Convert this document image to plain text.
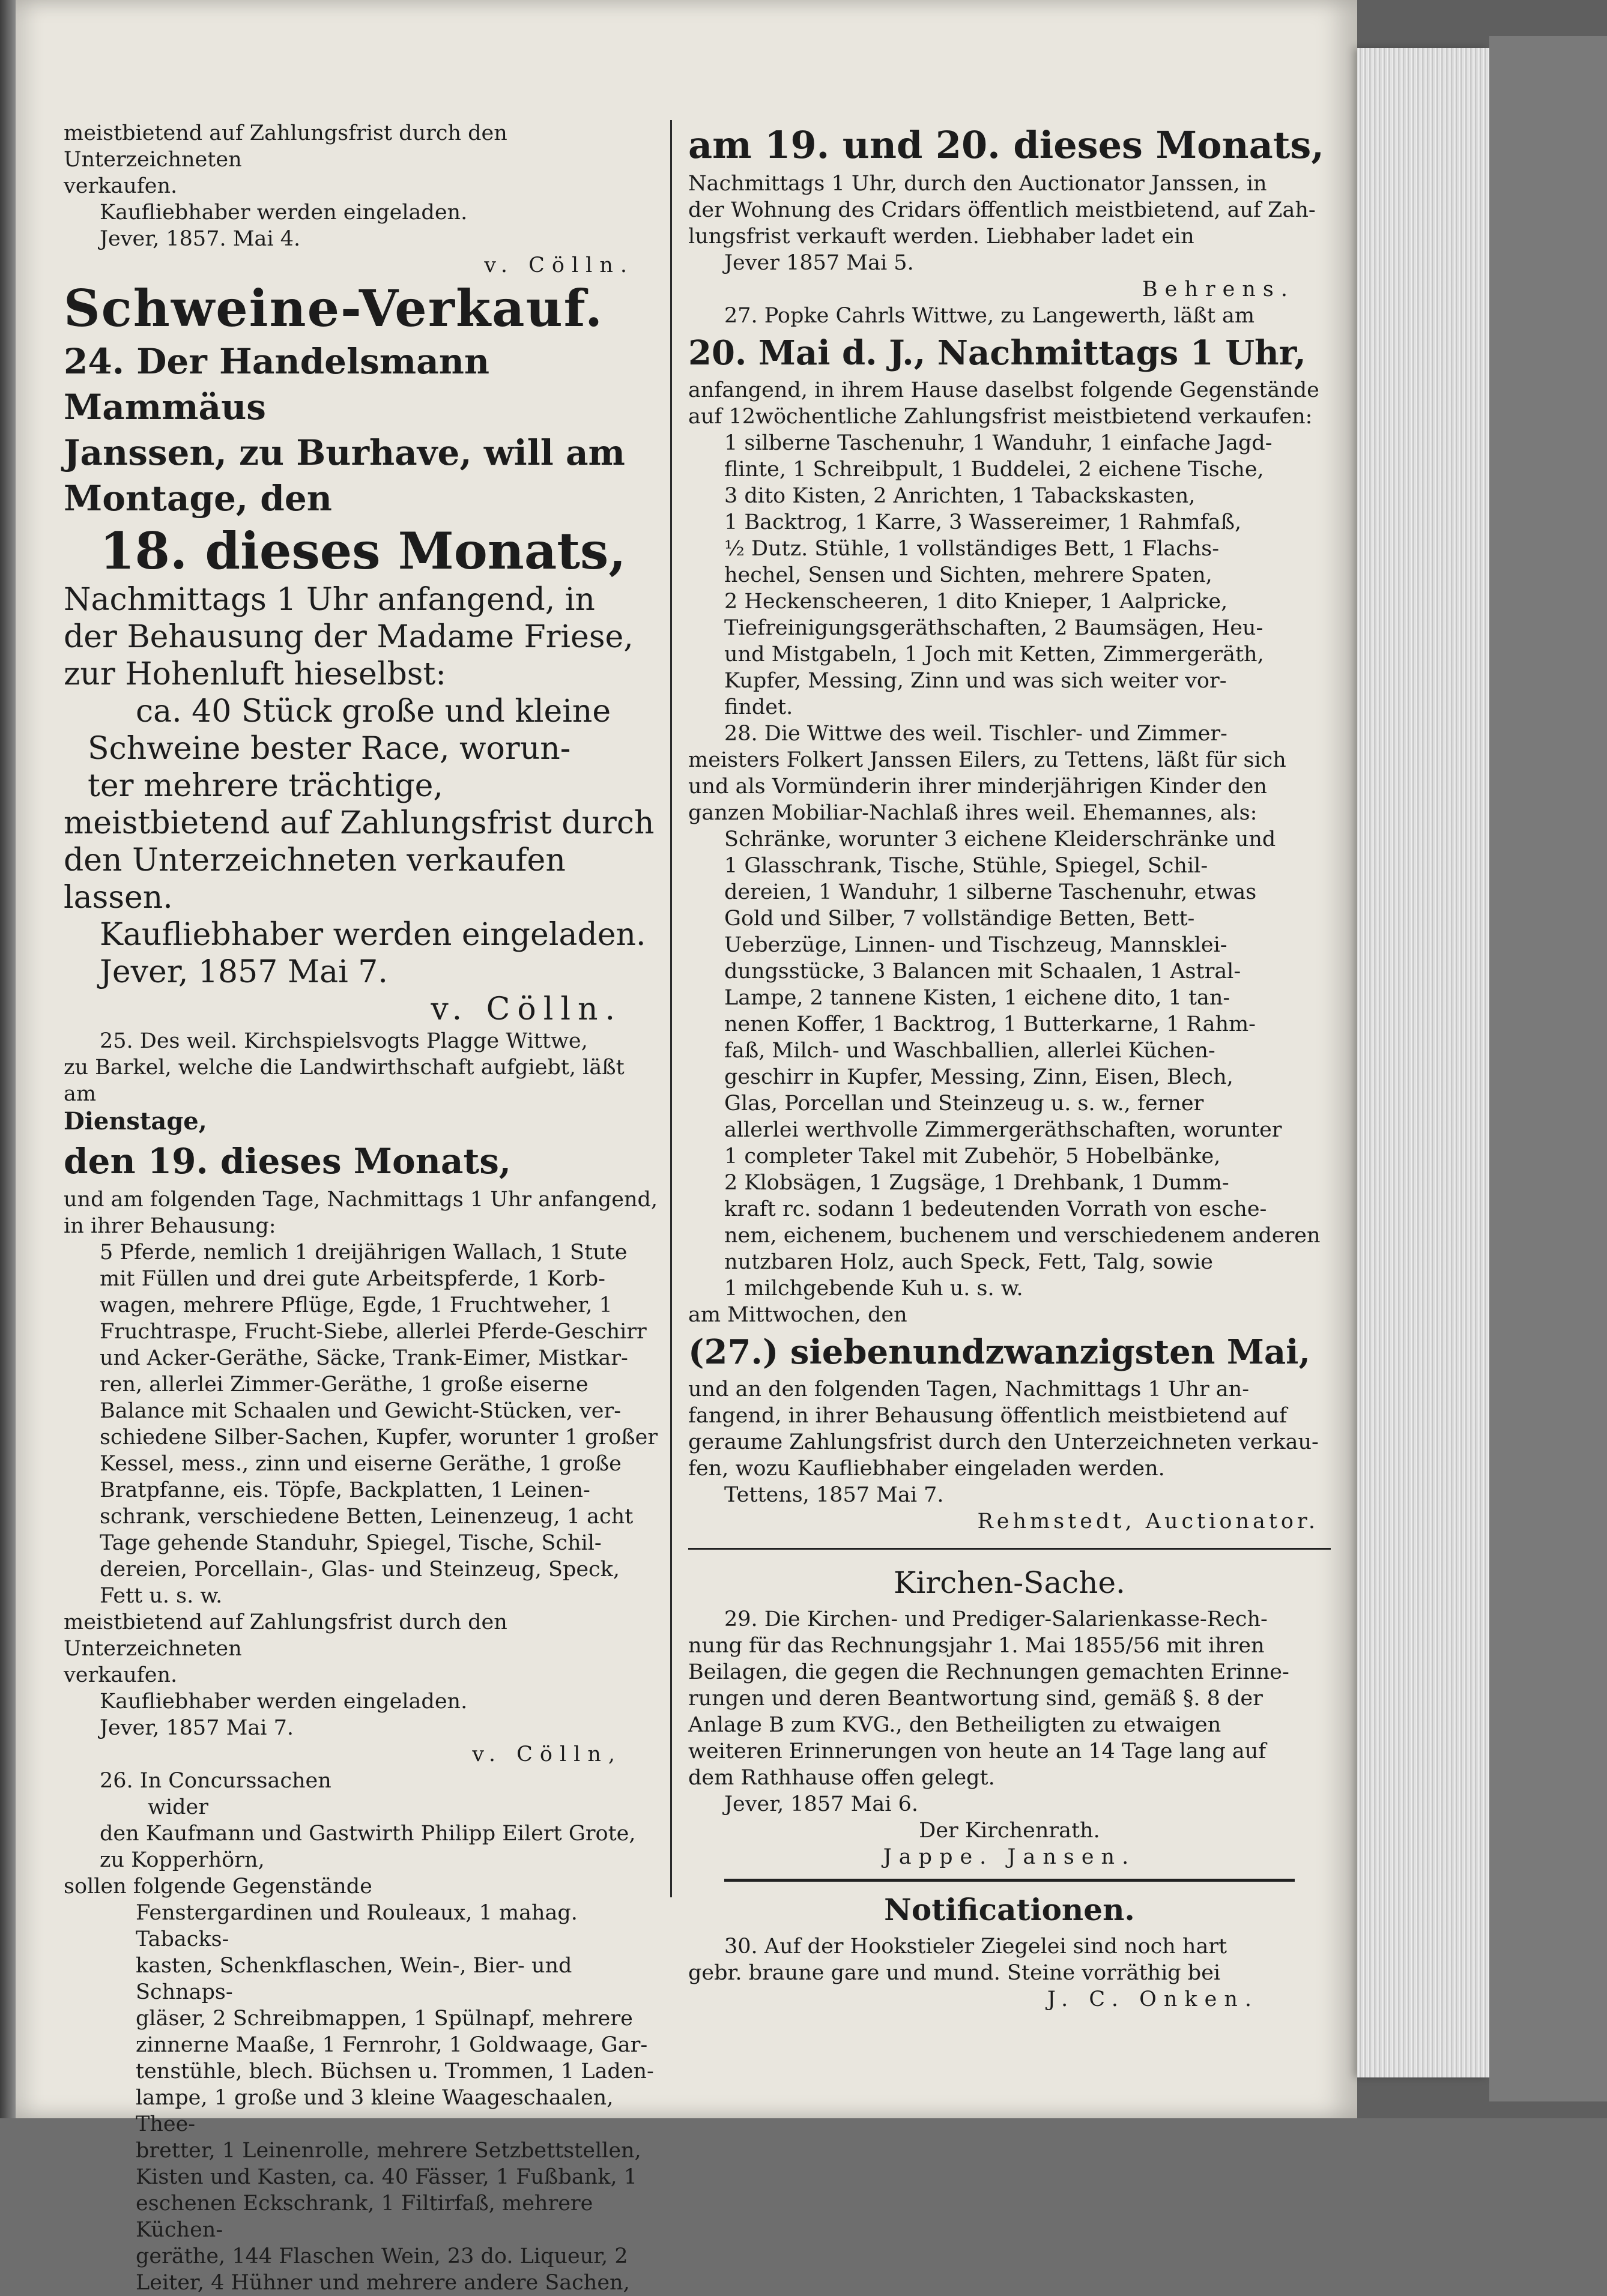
meistbietend auf Zahlungsfrist durch den Unterzeichneten

verkaufen.

Kaufliebhaber werden eingeladen.

Jever, 1857. Mai 4.

v. Cölln.

Schweine-Verkauf.

24. Der Handelsmann Mammäus

Janssen, zu Burhave, will am

Montage, den

18. dieses Monats,

Nachmittags 1 Uhr anfangend, in

der Behausung der Madame Friese,

zur Hohenluft hieselbst:

ca. 40 Stück große und kleine

Schweine bester Race, worun-

ter mehrere trächtige,

meistbietend auf Zahlungsfrist durch

den Unterzeichneten verkaufen lassen.

Kaufliebhaber werden eingeladen.

Jever, 1857 Mai 7.

v. Cölln.

25. Des weil. Kirchspielsvogts Plagge Wittwe,

zu Barkel, welche die Landwirthschaft aufgiebt, läßt am

Dienstage,

den 19. dieses Monats,

und am folgenden Tage, Nachmittags 1 Uhr anfangend,

in ihrer Behausung:

5 Pferde, nemlich 1 dreijährigen Wallach, 1 Stute

mit Füllen und drei gute Arbeitspferde, 1 Korb-

wagen, mehrere Pflüge, Egde, 1 Fruchtweher, 1

Fruchtraspe, Frucht-Siebe, allerlei Pferde-Geschirr

und Acker-Geräthe, Säcke, Trank-Eimer, Mistkar-

ren, allerlei Zimmer-Geräthe, 1 große eiserne

Balance mit Schaalen und Gewicht-Stücken, ver-

schiedene Silber-Sachen, Kupfer, worunter 1 großer

Kessel, mess., zinn und eiserne Geräthe, 1 große

Bratpfanne, eis. Töpfe, Backplatten, 1 Leinen-

schrank, verschiedene Betten, Leinenzeug, 1 acht

Tage gehende Standuhr, Spiegel, Tische, Schil-

dereien, Porcellain-, Glas- und Steinzeug, Speck,

Fett u. s. w.

meistbietend auf Zahlungsfrist durch den Unterzeichneten

verkaufen.

Kaufliebhaber werden eingeladen.

Jever, 1857 Mai 7.

v. Cölln,

26. In Concurssachen

wider

den Kaufmann und Gastwirth Philipp Eilert Grote,

zu Kopperhörn,

sollen folgende Gegenstände

Fenstergardinen und Rouleaux, 1 mahag. Tabacks-

kasten, Schenkflaschen, Wein-, Bier- und Schnaps-

gläser, 2 Schreibmappen, 1 Spülnapf, mehrere

zinnerne Maaße, 1 Fernrohr, 1 Goldwaage, Gar-

tenstühle, blech. Büchsen u. Trommen, 1 Laden-

lampe, 1 große und 3 kleine Waageschaalen, Thee-

bretter, 1 Leinenrolle, mehrere Setzbettstellen,

Kisten und Kasten, ca. 40 Fässer, 1 Fußbank, 1

eschenen Eckschrank, 1 Filtirfaß, mehrere Küchen-

geräthe, 144 Flaschen Wein, 23 do. Liqueur, 2

Leiter, 4 Hühner und mehrere andere Sachen,

am 19. und 20. dieses Monats,

Nachmittags 1 Uhr, durch den Auctionator Janssen, in

der Wohnung des Cridars öffentlich meistbietend, auf Zah-

lungsfrist verkauft werden. Liebhaber ladet ein

Jever 1857 Mai 5.

Behrens.

27. Popke Cahrls Wittwe, zu Langewerth, läßt am

20. Mai d. J., Nachmittags 1 Uhr,

anfangend, in ihrem Hause daselbst folgende Gegenstände

auf 12wöchentliche Zahlungsfrist meistbietend verkaufen:

1 silberne Taschenuhr, 1 Wanduhr, 1 einfache Jagd-

flinte, 1 Schreibpult, 1 Buddelei, 2 eichene Tische,

3 dito Kisten, 2 Anrichten, 1 Tabackskasten,

1 Backtrog, 1 Karre, 3 Wassereimer, 1 Rahmfaß,

½ Dutz. Stühle, 1 vollständiges Bett, 1 Flachs-

hechel, Sensen und Sichten, mehrere Spaten,

2 Heckenscheeren, 1 dito Knieper, 1 Aalpricke,

Tiefreinigungsgeräthschaften, 2 Baumsägen, Heu-

und Mistgabeln, 1 Joch mit Ketten, Zimmergeräth,

Kupfer, Messing, Zinn und was sich weiter vor-

findet.

28. Die Wittwe des weil. Tischler- und Zimmer-

meisters Folkert Janssen Eilers, zu Tettens, läßt für sich

und als Vormünderin ihrer minderjährigen Kinder den

ganzen Mobiliar-Nachlaß ihres weil. Ehemannes, als:

Schränke, worunter 3 eichene Kleiderschränke und

1 Glasschrank, Tische, Stühle, Spiegel, Schil-

dereien, 1 Wanduhr, 1 silberne Taschenuhr, etwas

Gold und Silber, 7 vollständige Betten, Bett-

Ueberzüge, Linnen- und Tischzeug, Mannsklei-

dungsstücke, 3 Balancen mit Schaalen, 1 Astral-

Lampe, 2 tannene Kisten, 1 eichene dito, 1 tan-

nenen Koffer, 1 Backtrog, 1 Butterkarne, 1 Rahm-

faß, Milch- und Waschballien, allerlei Küchen-

geschirr in Kupfer, Messing, Zinn, Eisen, Blech,

Glas, Porcellan und Steinzeug u. s. w., ferner

allerlei werthvolle Zimmergeräthschaften, worunter

1 completer Takel mit Zubehör, 5 Hobelbänke,

2 Klobsägen, 1 Zugsäge, 1 Drehbank, 1 Dumm-

kraft rc. sodann 1 bedeutenden Vorrath von esche-

nem, eichenem, buchenem und verschiedenem anderen

nutzbaren Holz, auch Speck, Fett, Talg, sowie

1 milchgebende Kuh u. s. w.

am Mittwochen, den

(27.) siebenundzwanzigsten Mai,

und an den folgenden Tagen, Nachmittags 1 Uhr an-

fangend, in ihrer Behausung öffentlich meistbietend auf

geraume Zahlungsfrist durch den Unterzeichneten verkau-

fen, wozu Kaufliebhaber eingeladen werden.

Tettens, 1857 Mai 7.

Rehmstedt, Auctionator.

Kirchen-Sache.

29. Die Kirchen- und Prediger-Salarienkasse-Rech-

nung für das Rechnungsjahr 1. Mai 1855/56 mit ihren

Beilagen, die gegen die Rechnungen gemachten Erinne-

rungen und deren Beantwortung sind, gemäß §. 8 der

Anlage B zum KVG., den Betheiligten zu etwaigen

weiteren Erinnerungen von heute an 14 Tage lang auf

dem Rathhause offen gelegt.

Jever, 1857 Mai 6.

Der Kirchenrath.

Jappe. Jansen.

Notificationen.

30. Auf der Hookstieler Ziegelei sind noch hart

gebr. braune gare und mund. Steine vorräthig bei

J. C. Onken.
